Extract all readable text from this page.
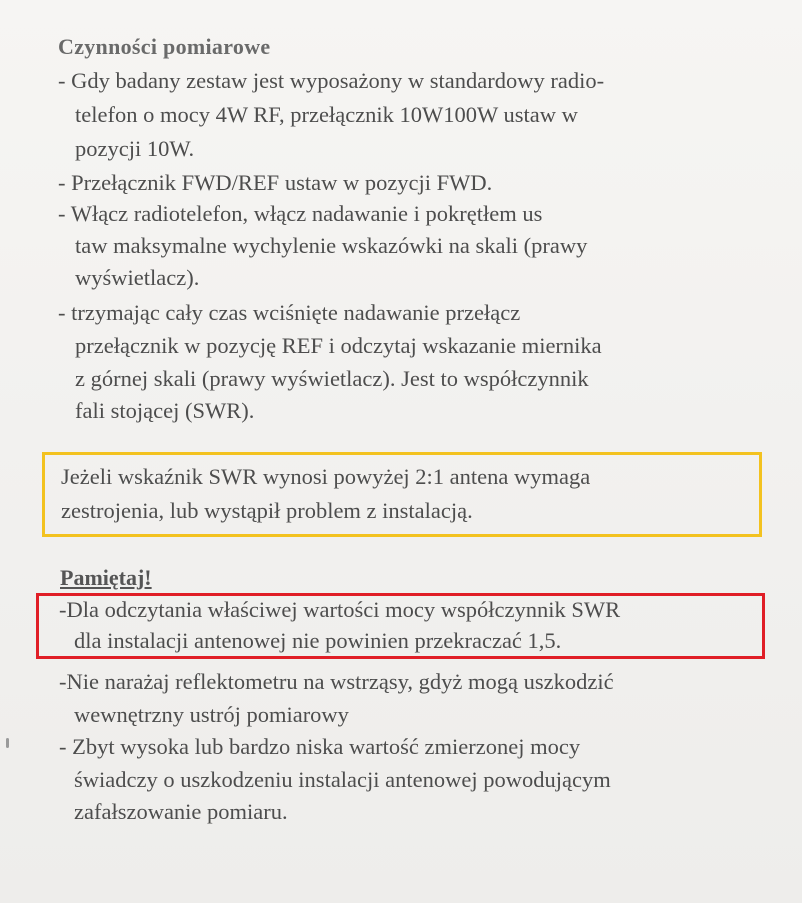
Czynności pomiarowe
- Gdy badany zestaw jest wyposażony w standardowy radio-
telefon o mocy 4W RF, przełącznik 10W100W ustaw w
pozycji 10W.
- Przełącznik FWD/REF ustaw w pozycji FWD.
- Włącz radiotelefon, włącz nadawanie i pokrętłem us
taw maksymalne wychylenie wskazówki na skali (prawy
wyświetlacz).
- trzymając cały czas wciśnięte nadawanie przełącz
przełącznik w pozycję REF i odczytaj wskazanie miernika
z górnej skali (prawy wyświetlacz). Jest to współczynnik
fali stojącej (SWR).
Jeżeli wskaźnik SWR wynosi powyżej 2:1 antena wymaga
zestrojenia, lub wystąpił problem z instalacją.
Pamiętaj!
-Dla odczytania właściwej wartości mocy współczynnik SWR
dla instalacji antenowej nie powinien przekraczać 1,5.
-Nie narażaj reflektometru na wstrząsy, gdyż mogą uszkodzić
wewnętrzny ustrój pomiarowy
- Zbyt wysoka lub bardzo niska wartość zmierzonej mocy
świadczy o uszkodzeniu instalacji antenowej powodującym
zafałszowanie pomiaru.
